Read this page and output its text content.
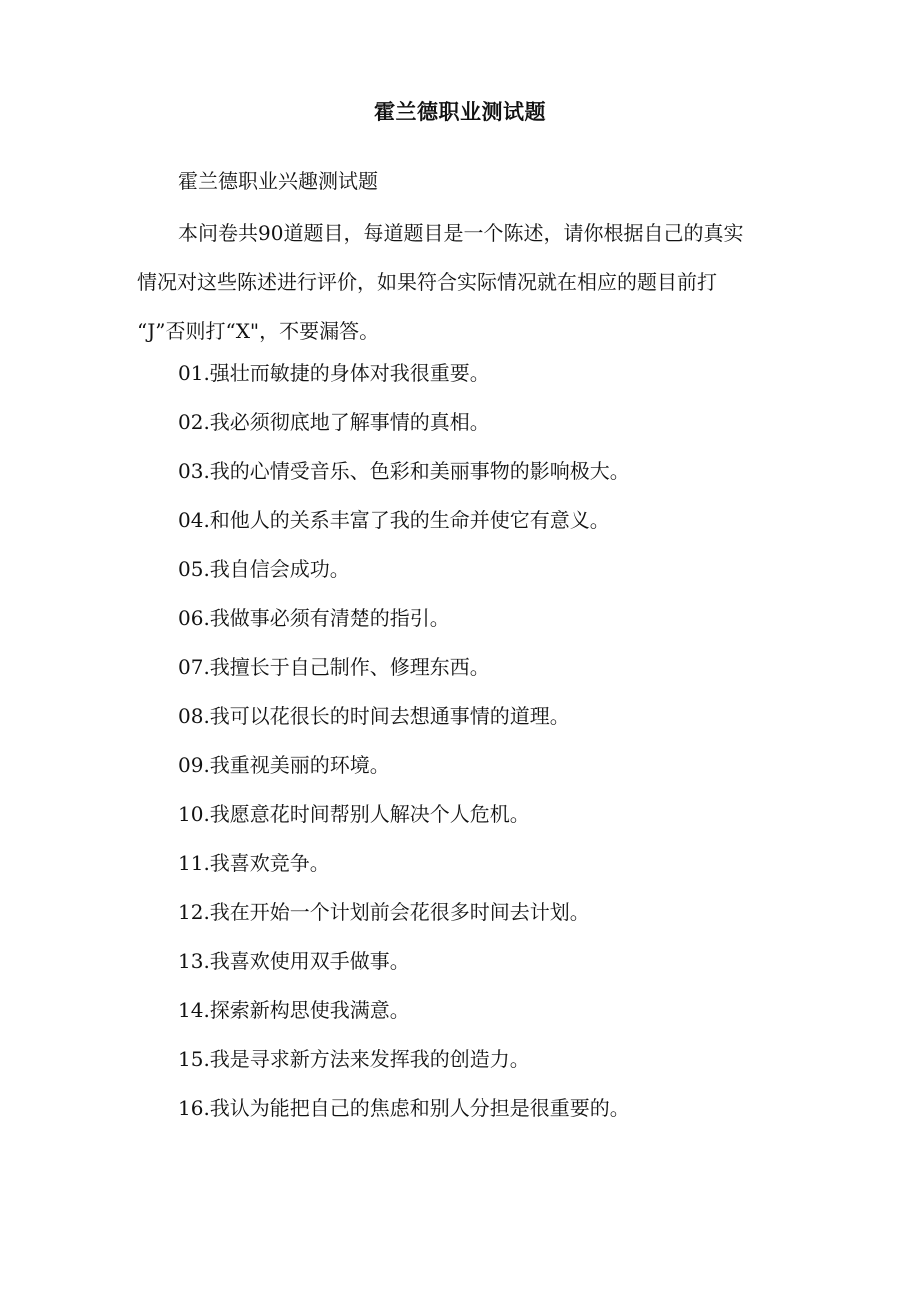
霍兰德职业测试题
霍兰德职业兴趣测试题
本问卷共90道题目，每道题目是一个陈述，请你根据自己的真实
情况对这些陈述进行评价，如果符合实际情况就在相应的题目前打
“J”否则打“X"，不要漏答。
01.强壮而敏捷的身体对我很重要。
02.我必须彻底地了解事情的真相。
03.我的心情受音乐、色彩和美丽事物的影响极大。
04.和他人的关系丰富了我的生命并使它有意义。
05.我自信会成功。
06.我做事必须有清楚的指引。
07.我擅长于自己制作、修理东西。
08.我可以花很长的时间去想通事情的道理。
09.我重视美丽的环境。
10.我愿意花时间帮别人解决个人危机。
11.我喜欢竞争。
12.我在开始一个计划前会花很多时间去计划。
13.我喜欢使用双手做事。
14.探索新构思使我满意。
15.我是寻求新方法来发挥我的创造力。
16.我认为能把自己的焦虑和别人分担是很重要的。
